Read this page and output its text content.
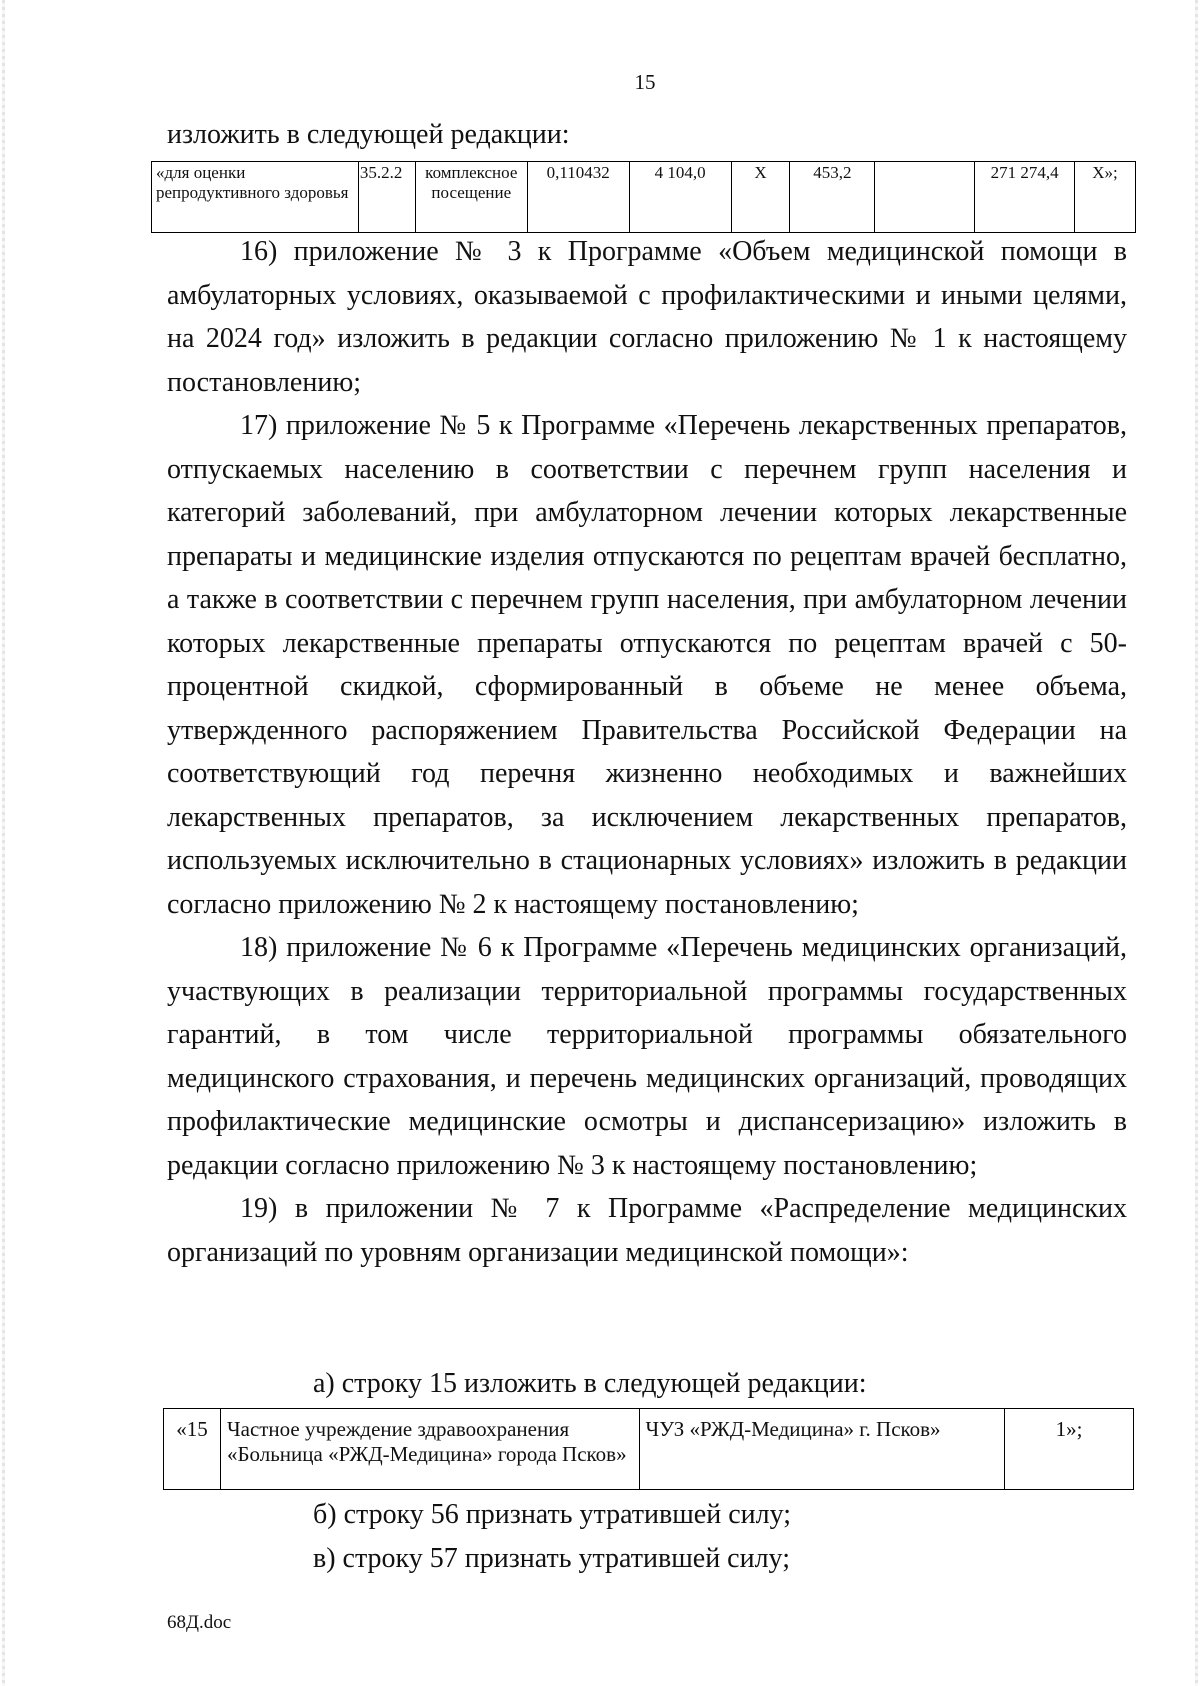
15
изложить в следующей редакции:
«для оценки репродуктивного здоровья	35.2.2	комплексное посещение	0,110432	4 104,0	Х	453,2		271 274,4	Х»;

16) приложение № 3 к Программе «Объем медицинской помощи в амбулаторных условиях, оказываемой с профилактическими и иными целями, на 2024 год» изложить в редакции согласно приложению № 1 к настоящему постановлению;

17) приложение № 5 к Программе «Перечень лекарственных препаратов, отпускаемых населению в соответствии с перечнем групп населения и категорий заболеваний, при амбулаторном лечении которых лекарственные препараты и медицинские изделия отпускаются по рецептам врачей бесплатно, а также в соответствии с перечнем групп населения, при амбулаторном лечении которых лекарственные препараты отпускаются по рецептам врачей с 50-процентной скидкой, сформированный в объеме не менее объема, утвержденного распоряжением Правительства Российской Федерации на соответствующий год перечня жизненно необходимых и важнейших лекарственных препаратов, за исключением лекарственных препаратов, используемых исключительно в стационарных условиях» изложить в редакции согласно приложению № 2 к настоящему постановлению;

18) приложение № 6 к Программе «Перечень медицинских организаций, участвующих в реализации территориальной программы государственных гарантий, в том числе территориальной программы обязательного медицинского страхования, и перечень медицинских организаций, проводящих профилактические медицинские осмотры и диспансеризацию» изложить в редакции согласно приложению № 3 к настоящему постановлению;

19) в приложении № 7 к Программе «Распределение медицинских организаций по уровням организации медицинской помощи»:

а) строку 15 изложить в следующей редакции:

«15	Частное учреждение здравоохранения «Больница «РЖД-Медицина» города Псков»	ЧУЗ «РЖД-Медицина» г. Псков»	1»;

б) строку 56 признать утратившей силу;

в) строку 57 признать утратившей силу;

68Д.doc
